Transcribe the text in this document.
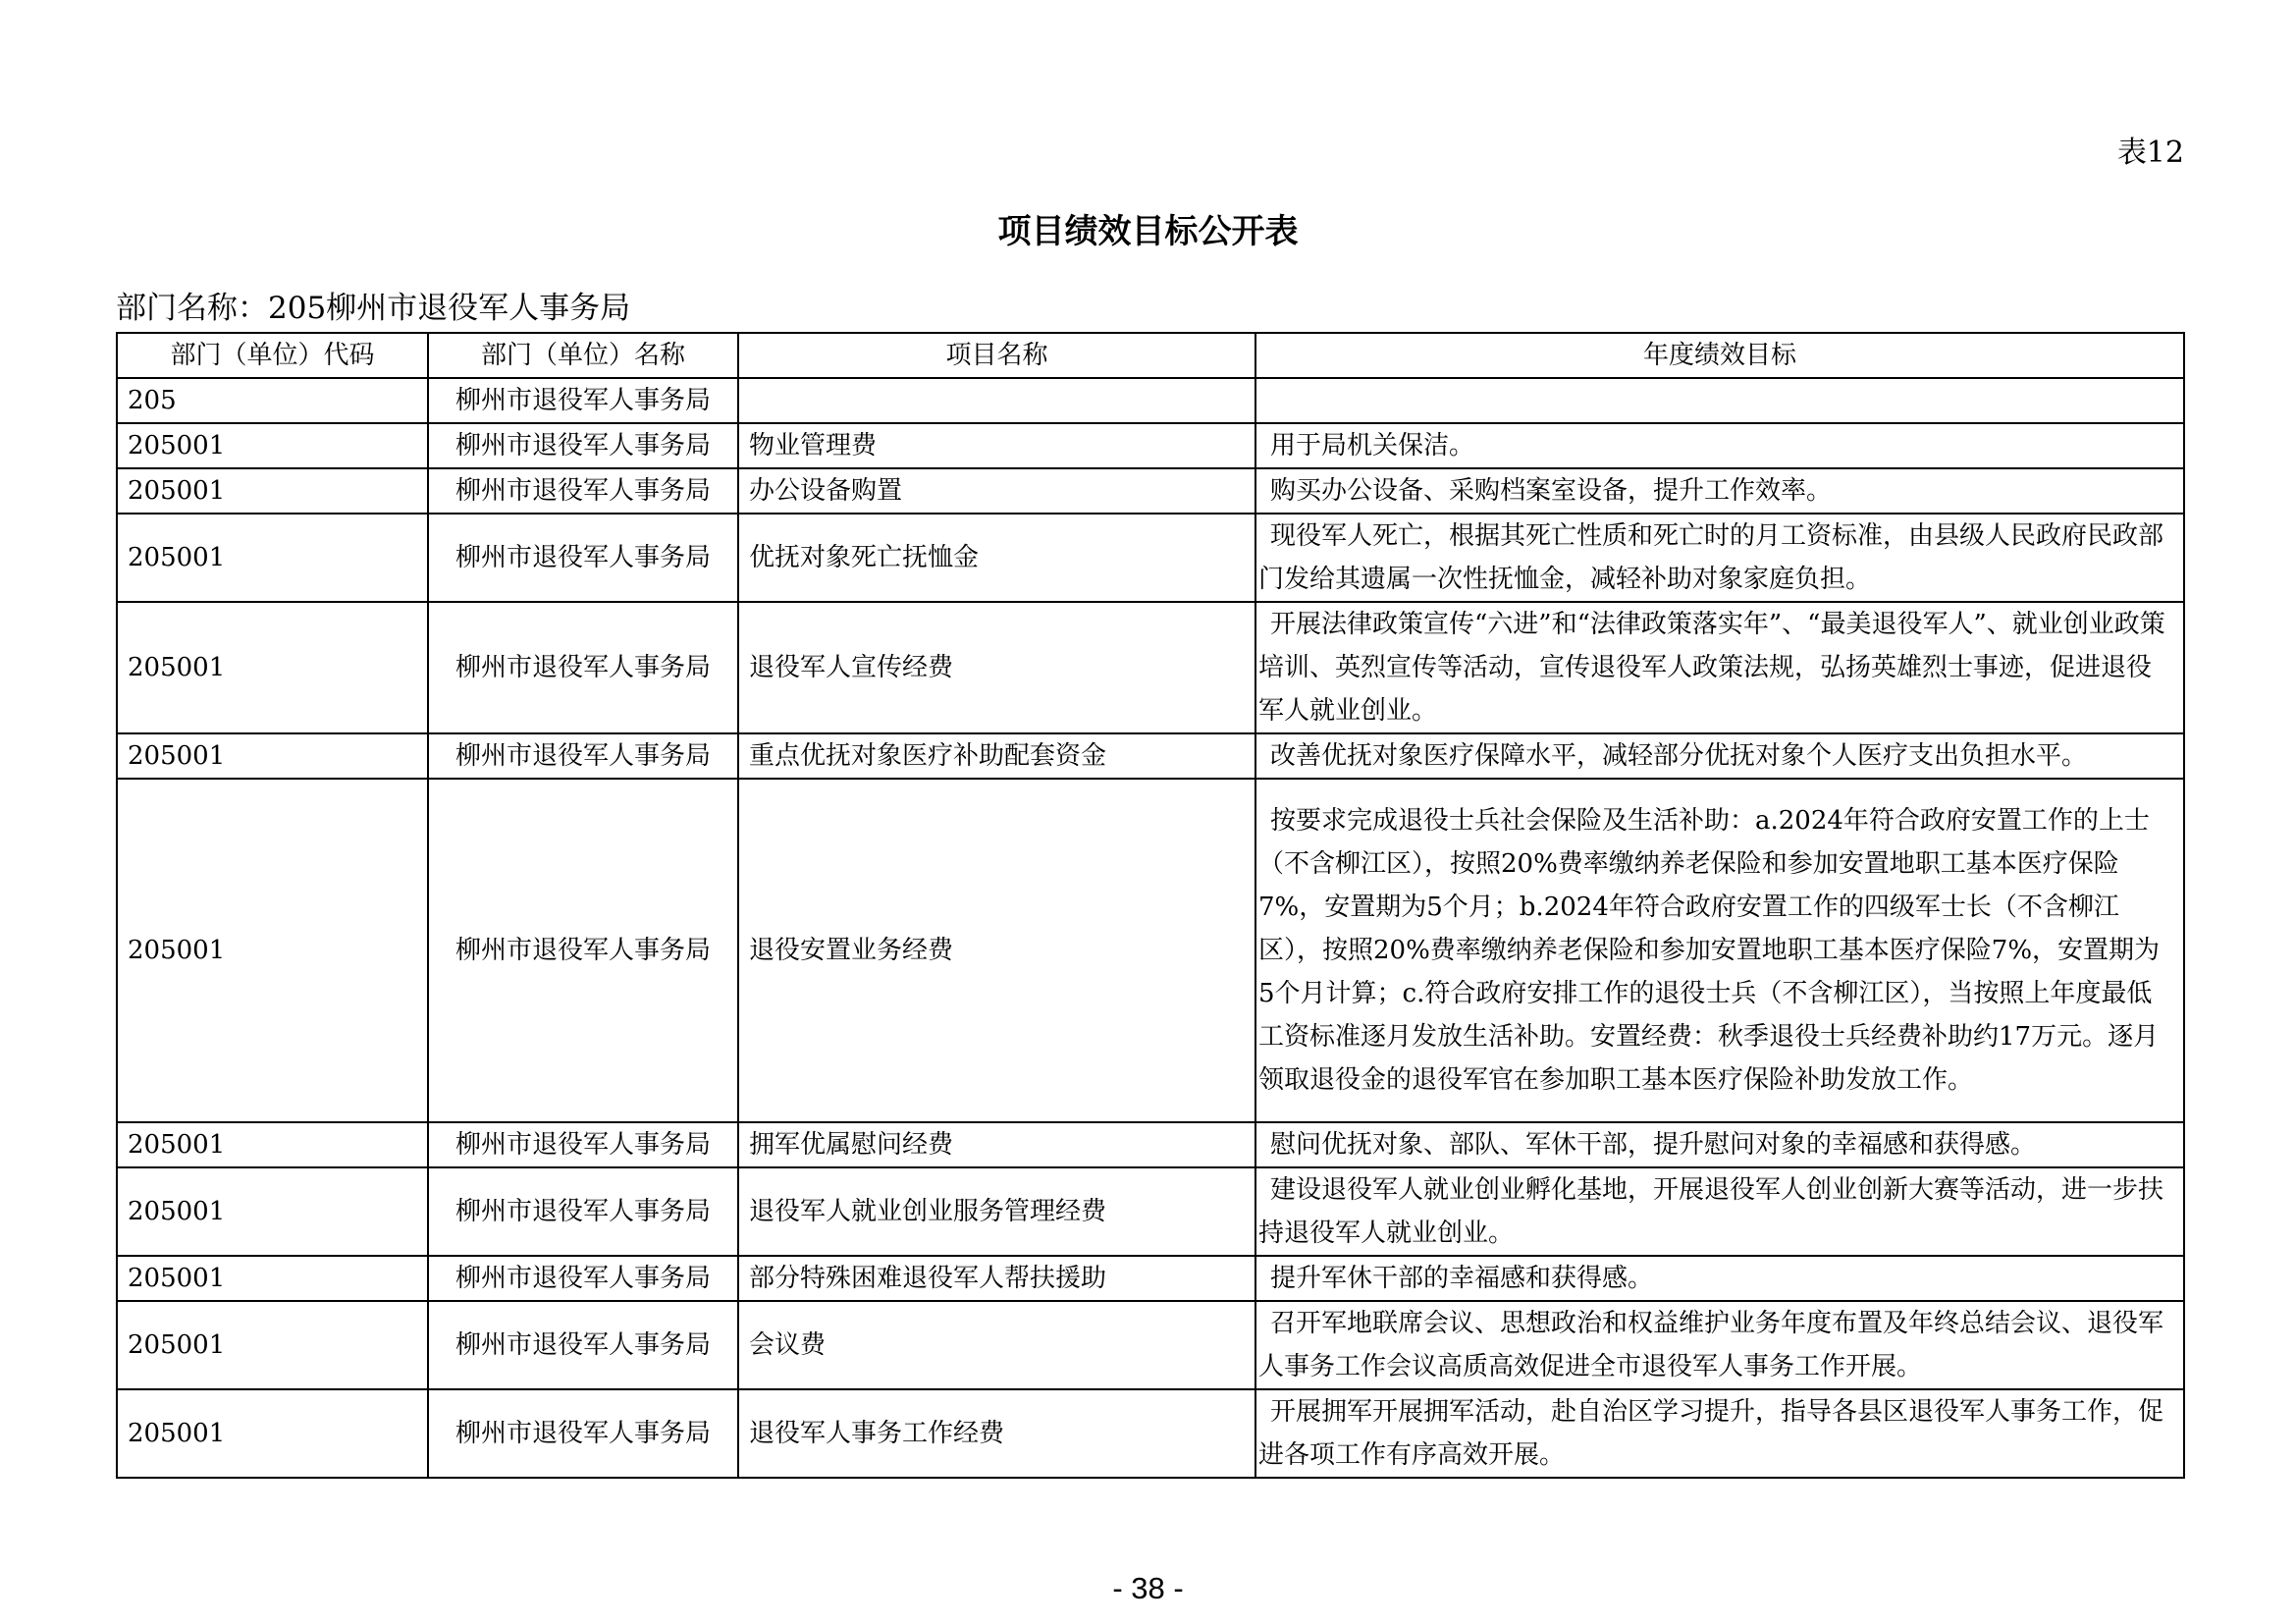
表12
项目绩效目标公开表
部门名称：205柳州市退役军人事务局
部门（单位）代码	部门（单位）名称	项目名称	年度绩效目标
205	柳州市退役军人事务局		
205001	柳州市退役军人事务局	物业管理费	用于局机关保洁。
205001	柳州市退役军人事务局	办公设备购置	购买办公设备、采购档案室设备，提升工作效率。
205001	柳州市退役军人事务局	优抚对象死亡抚恤金	现役军人死亡，根据其死亡性质和死亡时的月工资标准，由县级人民政府民政部门发给其遗属一次性抚恤金，减轻补助对象家庭负担。
205001	柳州市退役军人事务局	退役军人宣传经费	开展法律政策宣传“六进”和“法律政策落实年”、“最美退役军人”、就业创业政策培训、英烈宣传等活动，宣传退役军人政策法规，弘扬英雄烈士事迹，促进退役军人就业创业。
205001	柳州市退役军人事务局	重点优抚对象医疗补助配套资金	改善优抚对象医疗保障水平，减轻部分优抚对象个人医疗支出负担水平。
205001	柳州市退役军人事务局	退役安置业务经费	按要求完成退役士兵社会保险及生活补助：a.2024年符合政府安置工作的上士（不含柳江区），按照20%费率缴纳养老保险和参加安置地职工基本医疗保险7%，安置期为5个月；b.2024年符合政府安置工作的四级军士长（不含柳江区），按照20%费率缴纳养老保险和参加安置地职工基本医疗保险7%，安置期为5个月计算；c.符合政府安排工作的退役士兵（不含柳江区），当按照上年度最低工资标准逐月发放生活补助。安置经费：秋季退役士兵经费补助约17万元。逐月领取退役金的退役军官在参加职工基本医疗保险补助发放工作。
205001	柳州市退役军人事务局	拥军优属慰问经费	慰问优抚对象、部队、军休干部，提升慰问对象的幸福感和获得感。
205001	柳州市退役军人事务局	退役军人就业创业服务管理经费	建设退役军人就业创业孵化基地，开展退役军人创业创新大赛等活动，进一步扶持退役军人就业创业。
205001	柳州市退役军人事务局	部分特殊困难退役军人帮扶援助	提升军休干部的幸福感和获得感。
205001	柳州市退役军人事务局	会议费	召开军地联席会议、思想政治和权益维护业务年度布置及年终总结会议、退役军人事务工作会议高质高效促进全市退役军人事务工作开展。
205001	柳州市退役军人事务局	退役军人事务工作经费	开展拥军开展拥军活动，赴自治区学习提升，指导各县区退役军人事务工作，促进各项工作有序高效开展。
- 38 -
